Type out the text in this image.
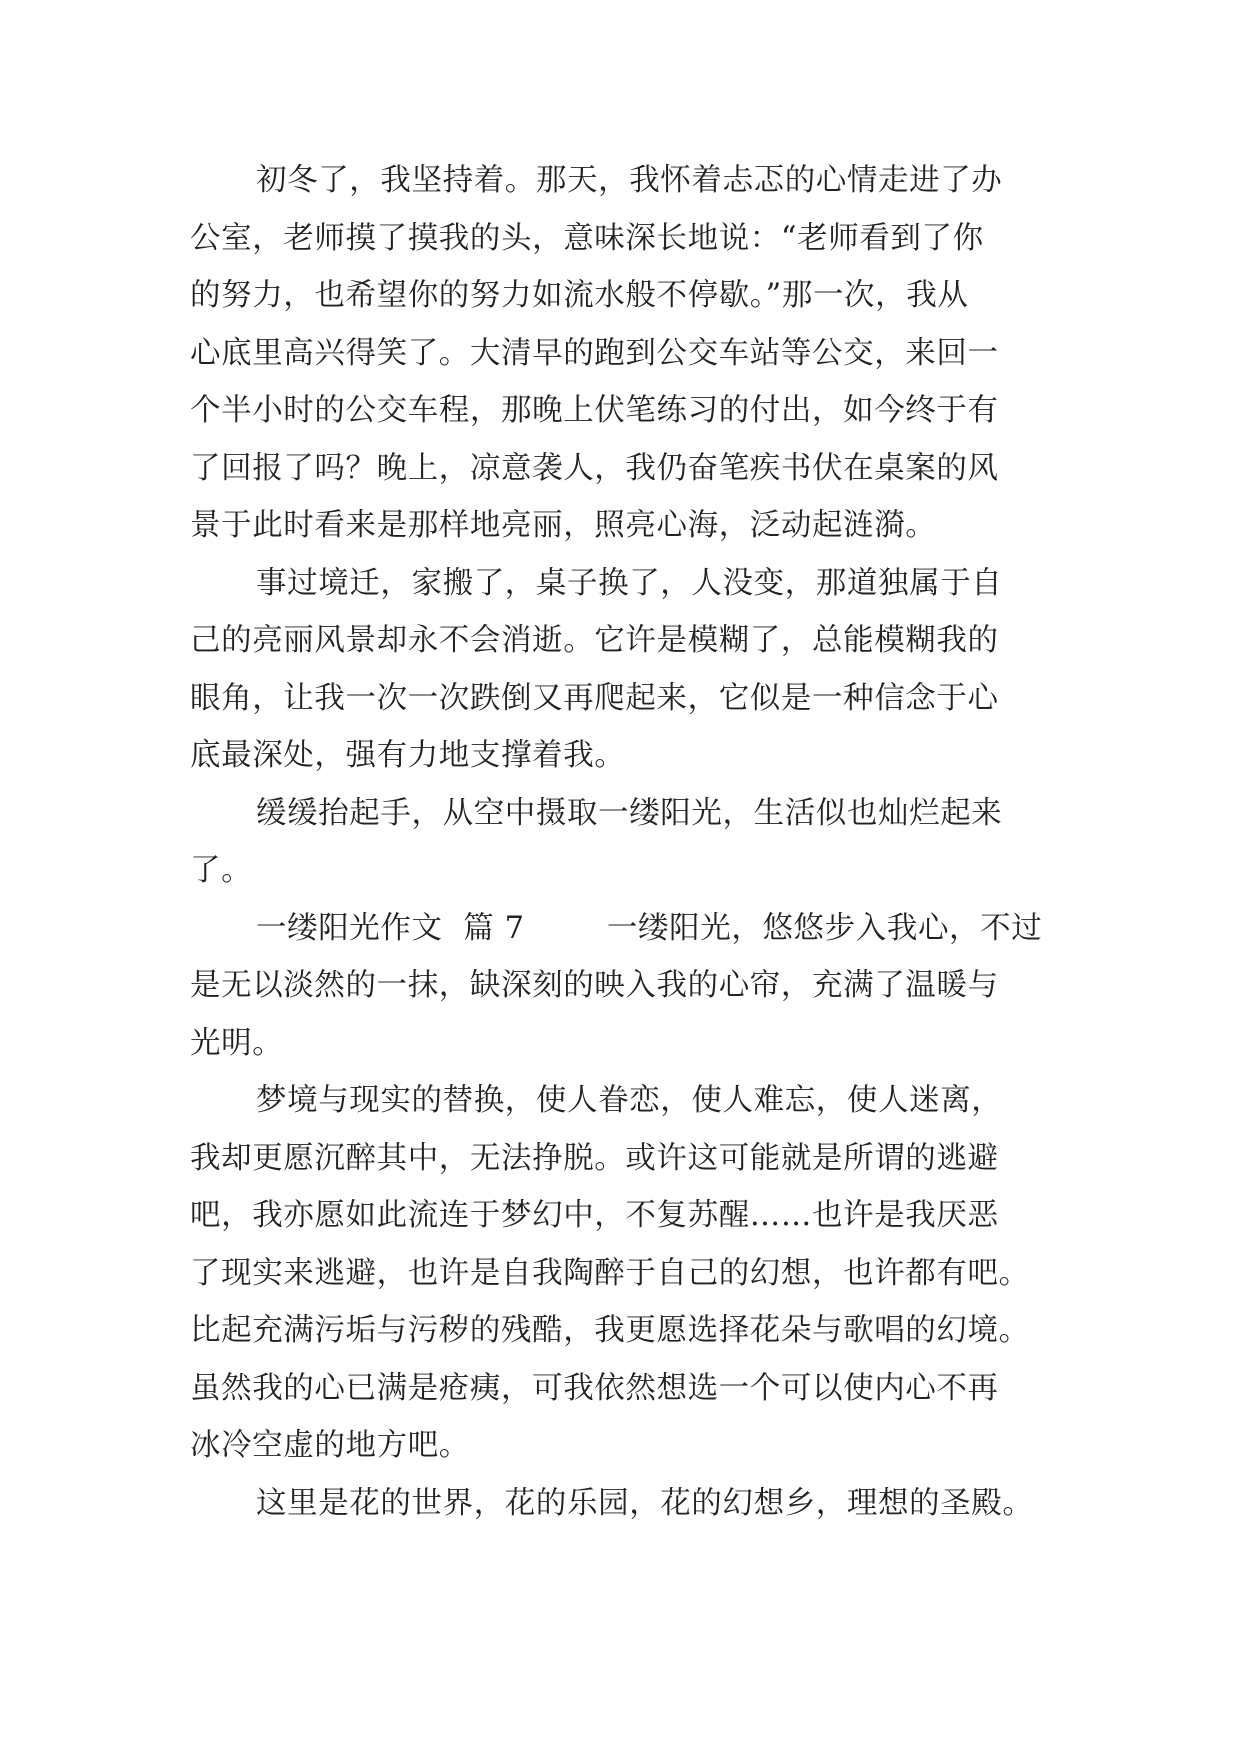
初冬了，我坚持着。那天，我怀着忐忑的心情走进了办
公室，老师摸了摸我的头，意味深长地说：“老师看到了你
的努力，也希望你的努力如流水般不停歇。”那一次，我从
心底里高兴得笑了。大清早的跑到公交车站等公交，来回一
个半小时的公交车程，那晚上伏笔练习的付出，如今终于有
了回报了吗？晚上，凉意袭人，我仍奋笔疾书伏在桌案的风
景于此时看来是那样地亮丽，照亮心海，泛动起涟漪。
事过境迁，家搬了，桌子换了，人没变，那道独属于自
己的亮丽风景却永不会消逝。它许是模糊了，总能模糊我的
眼角，让我一次一次跌倒又再爬起来，它似是一种信念于心
底最深处，强有力地支撑着我。
缓缓抬起手，从空中摄取一缕阳光，生活似也灿烂起来
了。
一缕阳光作文  篇 7        一缕阳光，悠悠步入我心，不过
是无以淡然的一抹，缺深刻的映入我的心帘，充满了温暖与
光明。
梦境与现实的替换，使人眷恋，使人难忘，使人迷离，
我却更愿沉醉其中，无法挣脱。或许这可能就是所谓的逃避
吧，我亦愿如此流连于梦幻中，不复苏醒……也许是我厌恶
了现实来逃避，也许是自我陶醉于自己的幻想，也许都有吧。
比起充满污垢与污秽的残酷，我更愿选择花朵与歌唱的幻境。
虽然我的心已满是疮痍，可我依然想选一个可以使内心不再
冰冷空虚的地方吧。
这里是花的世界，花的乐园，花的幻想乡，理想的圣殿。
